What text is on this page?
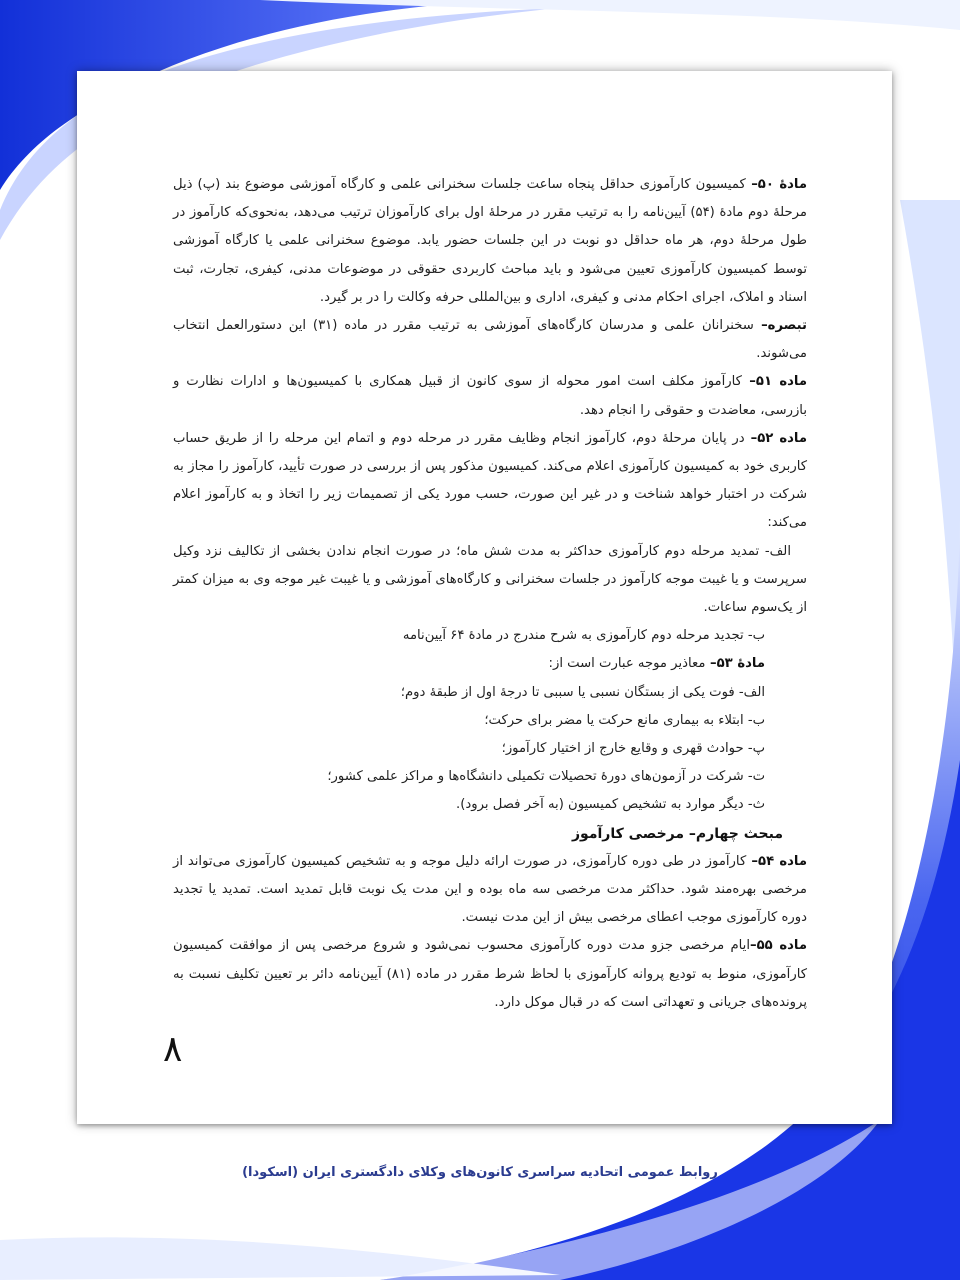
مادهٔ ۵۰– کمیسیون کارآموزی حداقل پنجاه ساعت جلسات سخنرانی علمی و کارگاه آموزشی موضوع بند (پ) ذیل مرحلهٔ دوم مادهٔ (۵۴) آیین‌نامه را به ترتیب مقرر در مرحلهٔ اول برای کارآموزان ترتیب می‌دهد، به‌نحوی‌که کارآموز در طول مرحلهٔ دوم، هر ماه حداقل دو نوبت در این جلسات حضور یابد. موضوع سخنرانی علمی یا کارگاه آموزشی توسط کمیسیون کارآموزی تعیین می‌شود و باید مباحث کاربردی حقوقی در موضوعات مدنی، کیفری، تجارت، ثبت اسناد و املاک، اجرای احکام مدنی و کیفری، اداری و بین‌المللی حرفه وکالت را در بر گیرد.

تبصره– سخنرانان علمی و مدرسان کارگاه‌های آموزشی به ترتیب مقرر در ماده (۳۱) این دستورالعمل انتخاب می‌شوند.

ماده ۵۱– کارآموز مکلف است امور محوله از سوی کانون از قبیل همکاری با کمیسیون‌ها و ادارات نظارت و بازرسی، معاضدت و حقوقی را انجام دهد.

ماده ۵۲– در پایان مرحلهٔ دوم، کارآموز انجام وظایف مقرر در مرحله دوم و اتمام این مرحله را از طریق حساب کاربری خود به کمیسیون کارآموزی اعلام می‌کند. کمیسیون مذکور پس از بررسی در صورت تأیید، کارآموز را مجاز به شرکت در اختبار خواهد شناخت و در غیر این صورت، حسب مورد یکی از تصمیمات زیر را اتخاذ و به کارآموز اعلام می‌کند:

الف- تمدید مرحله دوم کارآموزی حداکثر به مدت شش ماه؛ در صورت انجام ندادن بخشی از تکالیف نزد وکیل سرپرست و یا غیبت موجه کارآموز در جلسات سخنرانی و کارگاه‌های آموزشی و یا غیبت غیر موجه وی به میزان کمتر از یک‌سوم ساعات.

ب- تجدید مرحله دوم کارآموزی به شرح مندرج در مادهٔ ۶۴ آیین‌نامه

مادهٔ ۵۳– معاذیر موجه عبارت است از:

الف- فوت یکی از بستگان نسبی یا سببی تا درجهٔ اول از طبقهٔ دوم؛

ب- ابتلاء به بیماری مانع حرکت یا مضر برای حرکت؛

پ- حوادث قهری و وقایع خارج از اختیار کارآموز؛

ت- شرکت در آزمون‌های دورهٔ تحصیلات تکمیلی دانشگاه‌ها و مراکز علمی کشور؛

ث- دیگر موارد به تشخیص کمیسیون (به آخر فصل برود).

مبحث چهارم– مرخصی کارآموز

ماده ۵۴– کارآموز در طی دوره کارآموزی، در صورت ارائه دلیل موجه و به تشخیص کمیسیون کارآموزی می‌تواند از مرخصی بهره‌مند شود. حداکثر مدت مرخصی سه ماه بوده و این مدت یک نوبت قابل تمدید است. تمدید یا تجدید دوره کارآموزی موجب اعطای مرخصی بیش از این مدت نیست.

ماده ۵۵–ایام مرخصی جزو مدت دوره کارآموزی محسوب نمی‌شود و شروع مرخصی پس از موافقت کمیسیون کارآموزی، منوط به تودیع پروانه کارآموزی با لحاظ شرط مقرر در ماده (۸۱) آیین‌نامه دائر بر تعیین تکلیف نسبت به پرونده‌های جریانی و تعهداتی است که در قبال موکل دارد.

۸
روابط عمومی اتحادیه سراسری کانون‌های وکلای دادگستری ایران (اسکودا)
